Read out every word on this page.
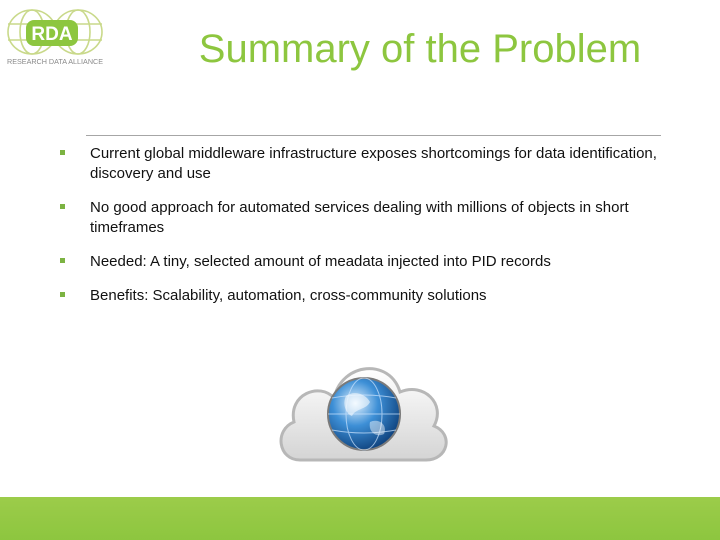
RDA
RESEARCH DATA ALLIANCE	Summary of the Problem
Current global middleware infrastructure exposes shortcomings for data identification, discovery and use
No good approach for automated services dealing with millions of objects in short timeframes
Needed: A tiny, selected amount of meadata injected into PID records
Benefits: Scalability, automation, cross-community solutions
